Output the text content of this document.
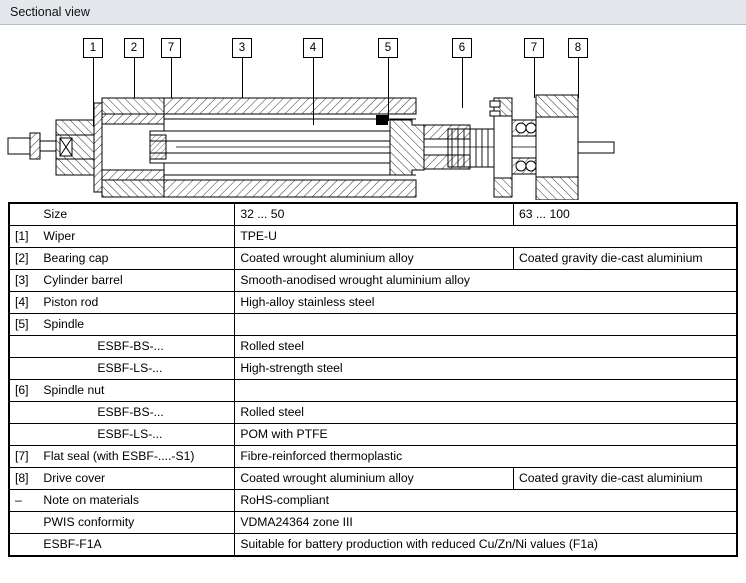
Sectional view
1	2	7	3	4	5	6	7	8
	Size	32 ... 50	63 ... 100
[1]	Wiper	TPE-U	
[2]	Bearing cap	Coated wrought aluminium alloy	Coated gravity die-cast aluminium
[3]	Cylinder barrel	Smooth-anodised wrought aluminium alloy	
[4]	Piston rod	High-alloy stainless steel	
[5]	Spindle		
	ESBF-BS-...	Rolled steel	
	ESBF-LS-...	High-strength steel	
[6]	Spindle nut		
	ESBF-BS-...	Rolled steel	
	ESBF-LS-...	POM with PTFE	
[7]	Flat seal (with ESBF-....-S1)	Fibre-reinforced thermoplastic	
[8]	Drive cover	Coated wrought aluminium alloy	Coated gravity die-cast aluminium
–	Note on materials	RoHS-compliant	
	PWIS conformity	VDMA24364 zone III	
	ESBF-F1A	Suitable for battery production with reduced Cu/Zn/Ni values (F1a)	
